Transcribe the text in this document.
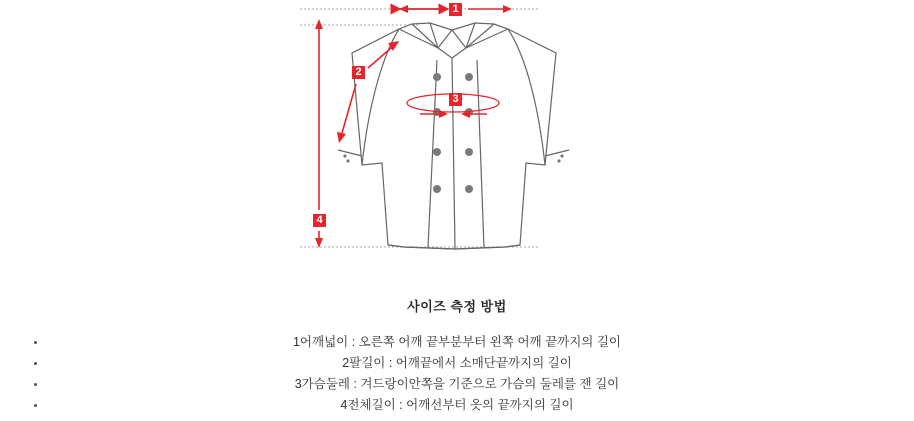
1
2
3
4
사이즈 측정 방법
1어깨넓이 : 오른쪽 어깨 끝부분부터 왼쪽 어깨 끝까지의 길이
2팔길이 : 어깨끝에서 소매단끝까지의 길이
3가슴둘레 : 겨드랑이안쪽을 기준으로 가슴의 둘레를 잰 길이
4전체길이 : 어깨선부터 옷의 끝까지의 길이
